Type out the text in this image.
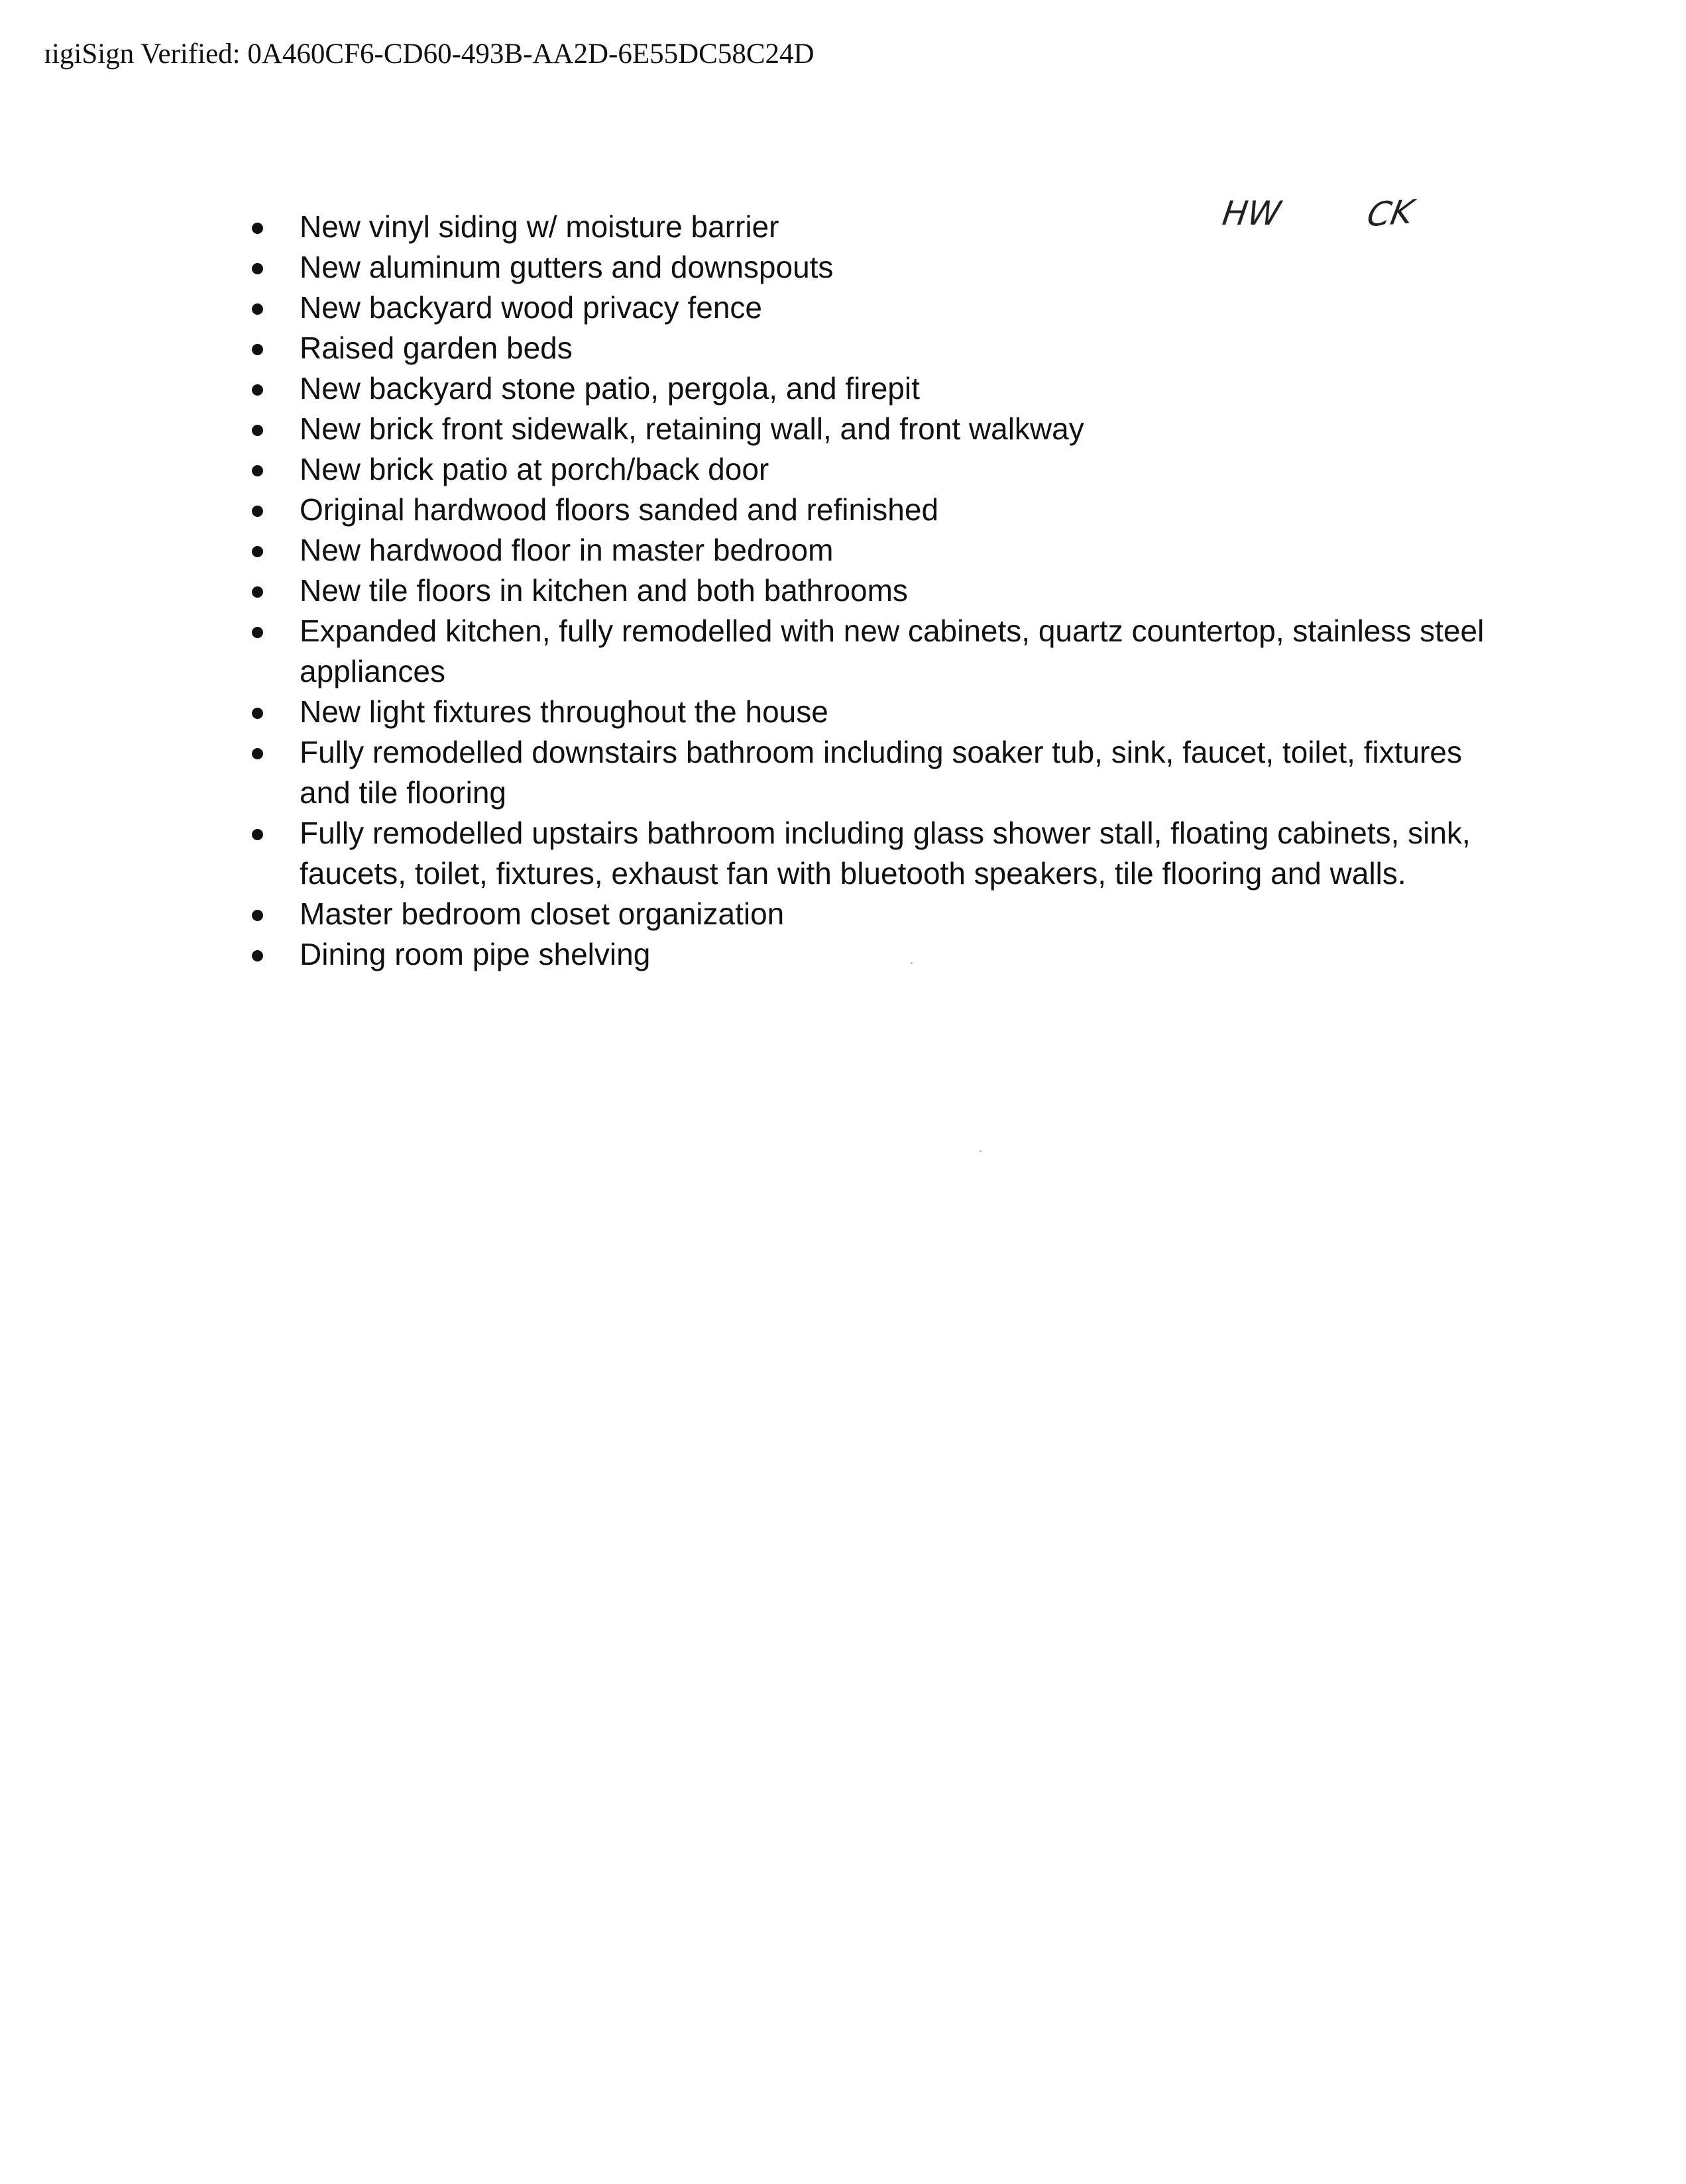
ɪigiSign Verified: 0A460CF6-CD60-493B-AA2D-6E55DC58C24D
HW CK
New vinyl siding w/ moisture barrier
New aluminum gutters and downspouts
New backyard wood privacy fence
Raised garden beds
New backyard stone patio, pergola, and firepit
New brick front sidewalk, retaining wall, and front walkway
New brick patio at porch/back door
Original hardwood floors sanded and refinished
New hardwood floor in master bedroom
New tile floors in kitchen and both bathrooms
Expanded kitchen, fully remodelled with new cabinets, quartz countertop, stainless steel appliances
New light fixtures throughout the house
Fully remodelled downstairs bathroom including soaker tub, sink, faucet, toilet, fixtures and tile flooring
Fully remodelled upstairs bathroom including glass shower stall, floating cabinets, sink, faucets, toilet, fixtures, exhaust fan with bluetooth speakers, tile flooring and walls.
Master bedroom closet organization
Dining room pipe shelving
